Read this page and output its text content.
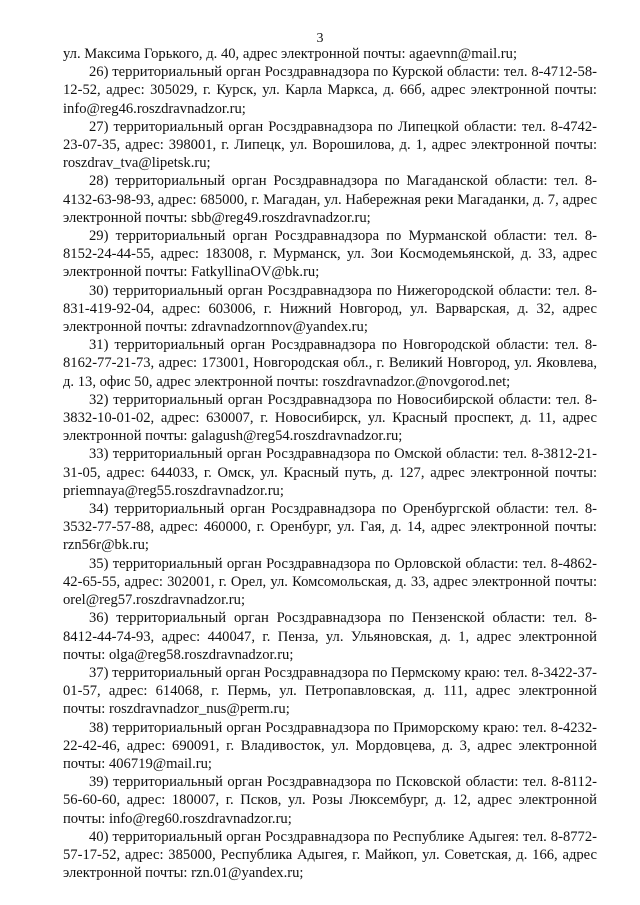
3

ул. Максима Горького, д. 40, адрес электронной почты: agaevnn@mail.ru;

26) территориальный орган Росздравнадзора по Курской области: тел. 8-4712-58-12-52, адрес: 305029, г. Курск, ул. Карла Маркса, д. 66б, адрес электронной почты: info@reg46.roszdravnadzor.ru;

27) территориальный орган Росздравнадзора по Липецкой области: тел. 8-4742-23-07-35, адрес: 398001, г. Липецк, ул. Ворошилова, д. 1, адрес электронной почты: roszdrav_tva@lipetsk.ru;

28) территориальный орган Росздравнадзора по Магаданской области: тел. 8-4132-63-98-93, адрес: 685000, г. Магадан, ул. Набережная реки Магаданки, д. 7, адрес электронной почты: sbb@reg49.roszdravnadzor.ru;

29) территориальный орган Росздравнадзора по Мурманской области: тел. 8-8152-24-44-55, адрес: 183008, г. Мурманск, ул. Зои Космодемьянской, д. 33, адрес электронной почты: FatkyllinaOV@bk.ru;

30) территориальный орган Росздравнадзора по Нижегородской области: тел. 8-831-419-92-04, адрес: 603006, г. Нижний Новгород, ул. Варварская, д. 32, адрес электронной почты: zdravnadzornnov@yandex.ru;

31) территориальный орган Росздравнадзора по Новгородской области: тел. 8-8162-77-21-73, адрес: 173001, Новгородская обл., г. Великий Новгород, ул. Яковлева, д. 13, офис 50, адрес электронной почты: roszdravnadzor.@novgorod.net;

32) территориальный орган Росздравнадзора по Новосибирской области: тел. 8-3832-10-01-02, адрес: 630007, г. Новосибирск, ул. Красный проспект, д. 11, адрес электронной почты: galagush@reg54.roszdravnadzor.ru;

33) территориальный орган Росздравнадзора по Омской области: тел. 8-3812-21-31-05, адрес: 644033, г. Омск, ул. Красный путь, д. 127, адрес электронной почты: priemnaya@reg55.roszdravnadzor.ru;

34) территориальный орган Росздравнадзора по Оренбургской области: тел. 8-3532-77-57-88, адрес: 460000, г. Оренбург, ул. Гая, д. 14, адрес электронной почты: rzn56r@bk.ru;

35) территориальный орган Росздравнадзора по Орловской области: тел. 8-4862-42-65-55, адрес: 302001, г. Орел, ул. Комсомольская, д. 33, адрес электронной почты: orel@reg57.roszdravnadzor.ru;

36) территориальный орган Росздравнадзора по Пензенской области: тел. 8-8412-44-74-93, адрес: 440047, г. Пенза, ул. Ульяновская, д. 1, адрес электронной почты: olga@reg58.roszdravnadzor.ru;

37) территориальный орган Росздравнадзора по Пермскому краю: тел. 8-3422-37-01-57, адрес: 614068, г. Пермь, ул. Петропавловская, д. 111, адрес электронной почты: roszdravnadzor_nus@perm.ru;

38) территориальный орган Росздравнадзора по Приморскому краю: тел. 8-4232-22-42-46, адрес: 690091, г. Владивосток, ул. Мордовцева, д. 3, адрес электронной почты: 406719@mail.ru;

39) территориальный орган Росздравнадзора по Псковской области: тел. 8-8112-56-60-60, адрес: 180007, г. Псков, ул. Розы Люксембург, д. 12, адрес электронной почты: info@reg60.roszdravnadzor.ru;

40) территориальный орган Росздравнадзора по Республике Адыгея: тел. 8-8772-57-17-52, адрес: 385000, Республика Адыгея, г. Майкоп, ул. Советская, д. 166, адрес электронной почты: rzn.01@yandex.ru;
